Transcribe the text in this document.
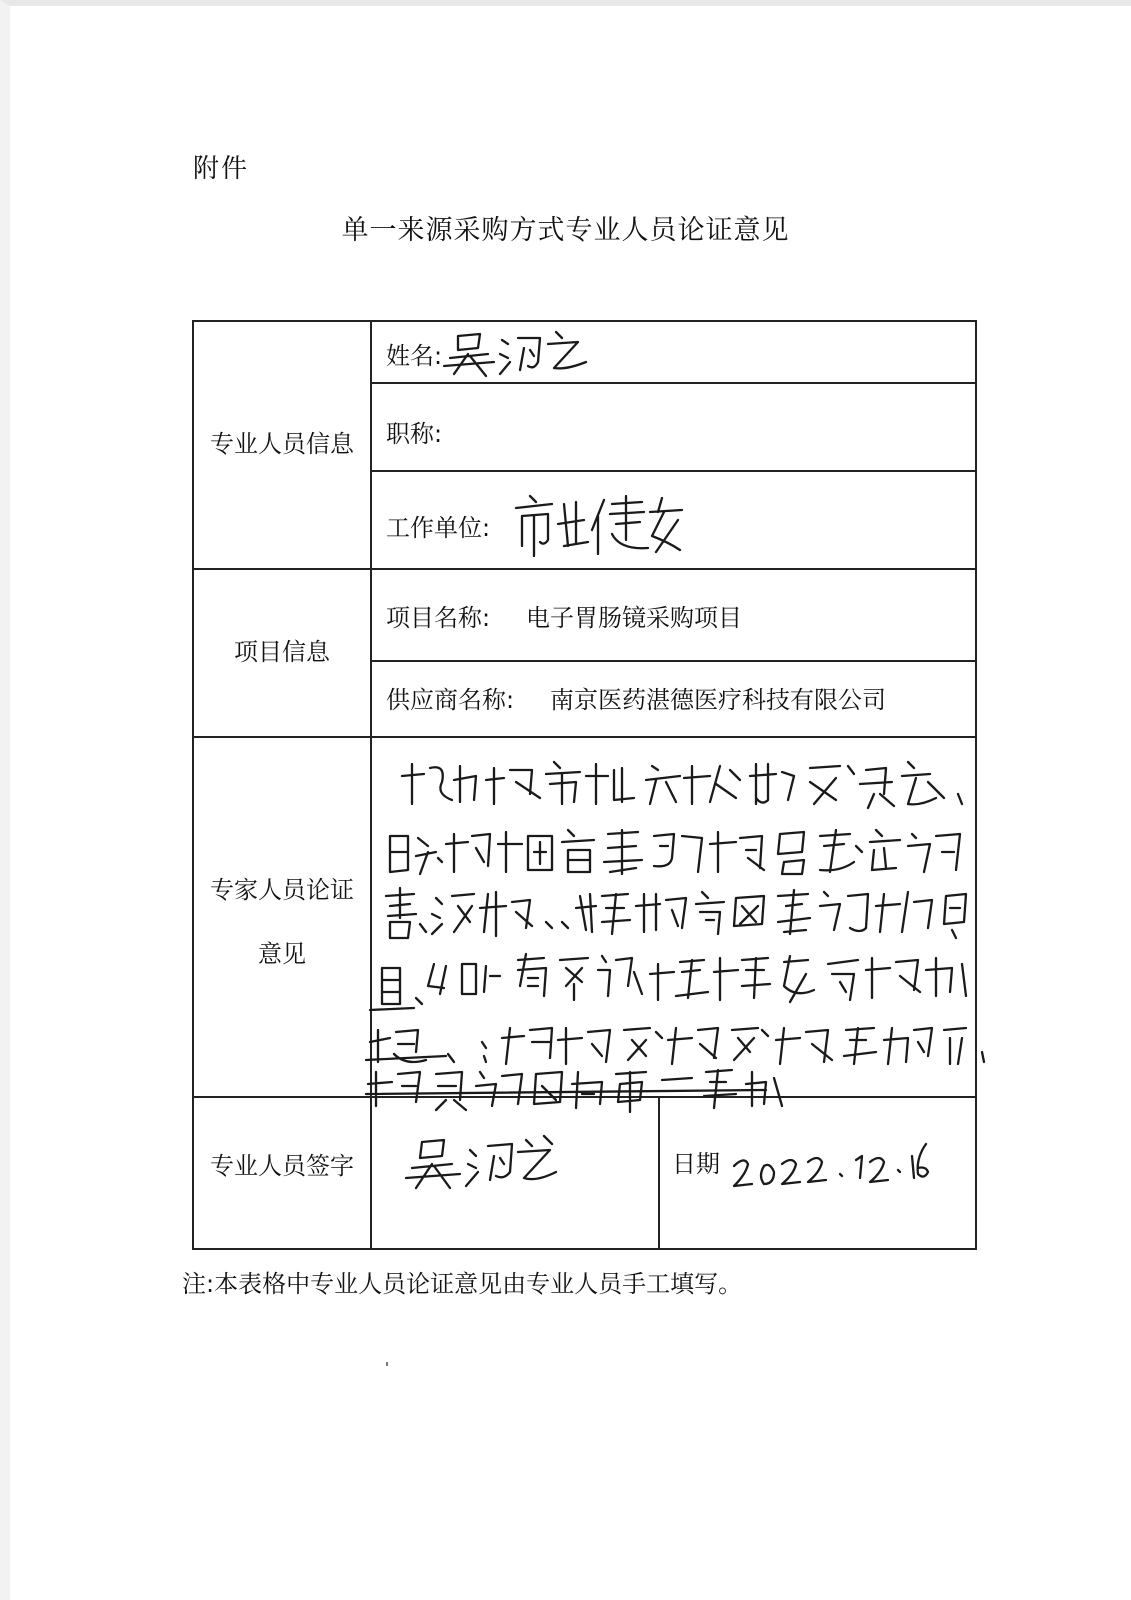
附件
单一来源采购方式专业人员论证意见
专业人员信息
项目信息
专家人员论证
意见
专业人员签字
姓名:
职称:
工作单位:
项目名称: 电子胃肠镜采购项目
供应商名称: 南京医药湛德医疗科技有限公司
日期
注:本表格中专业人员论证意见由专业人员手工填写。
